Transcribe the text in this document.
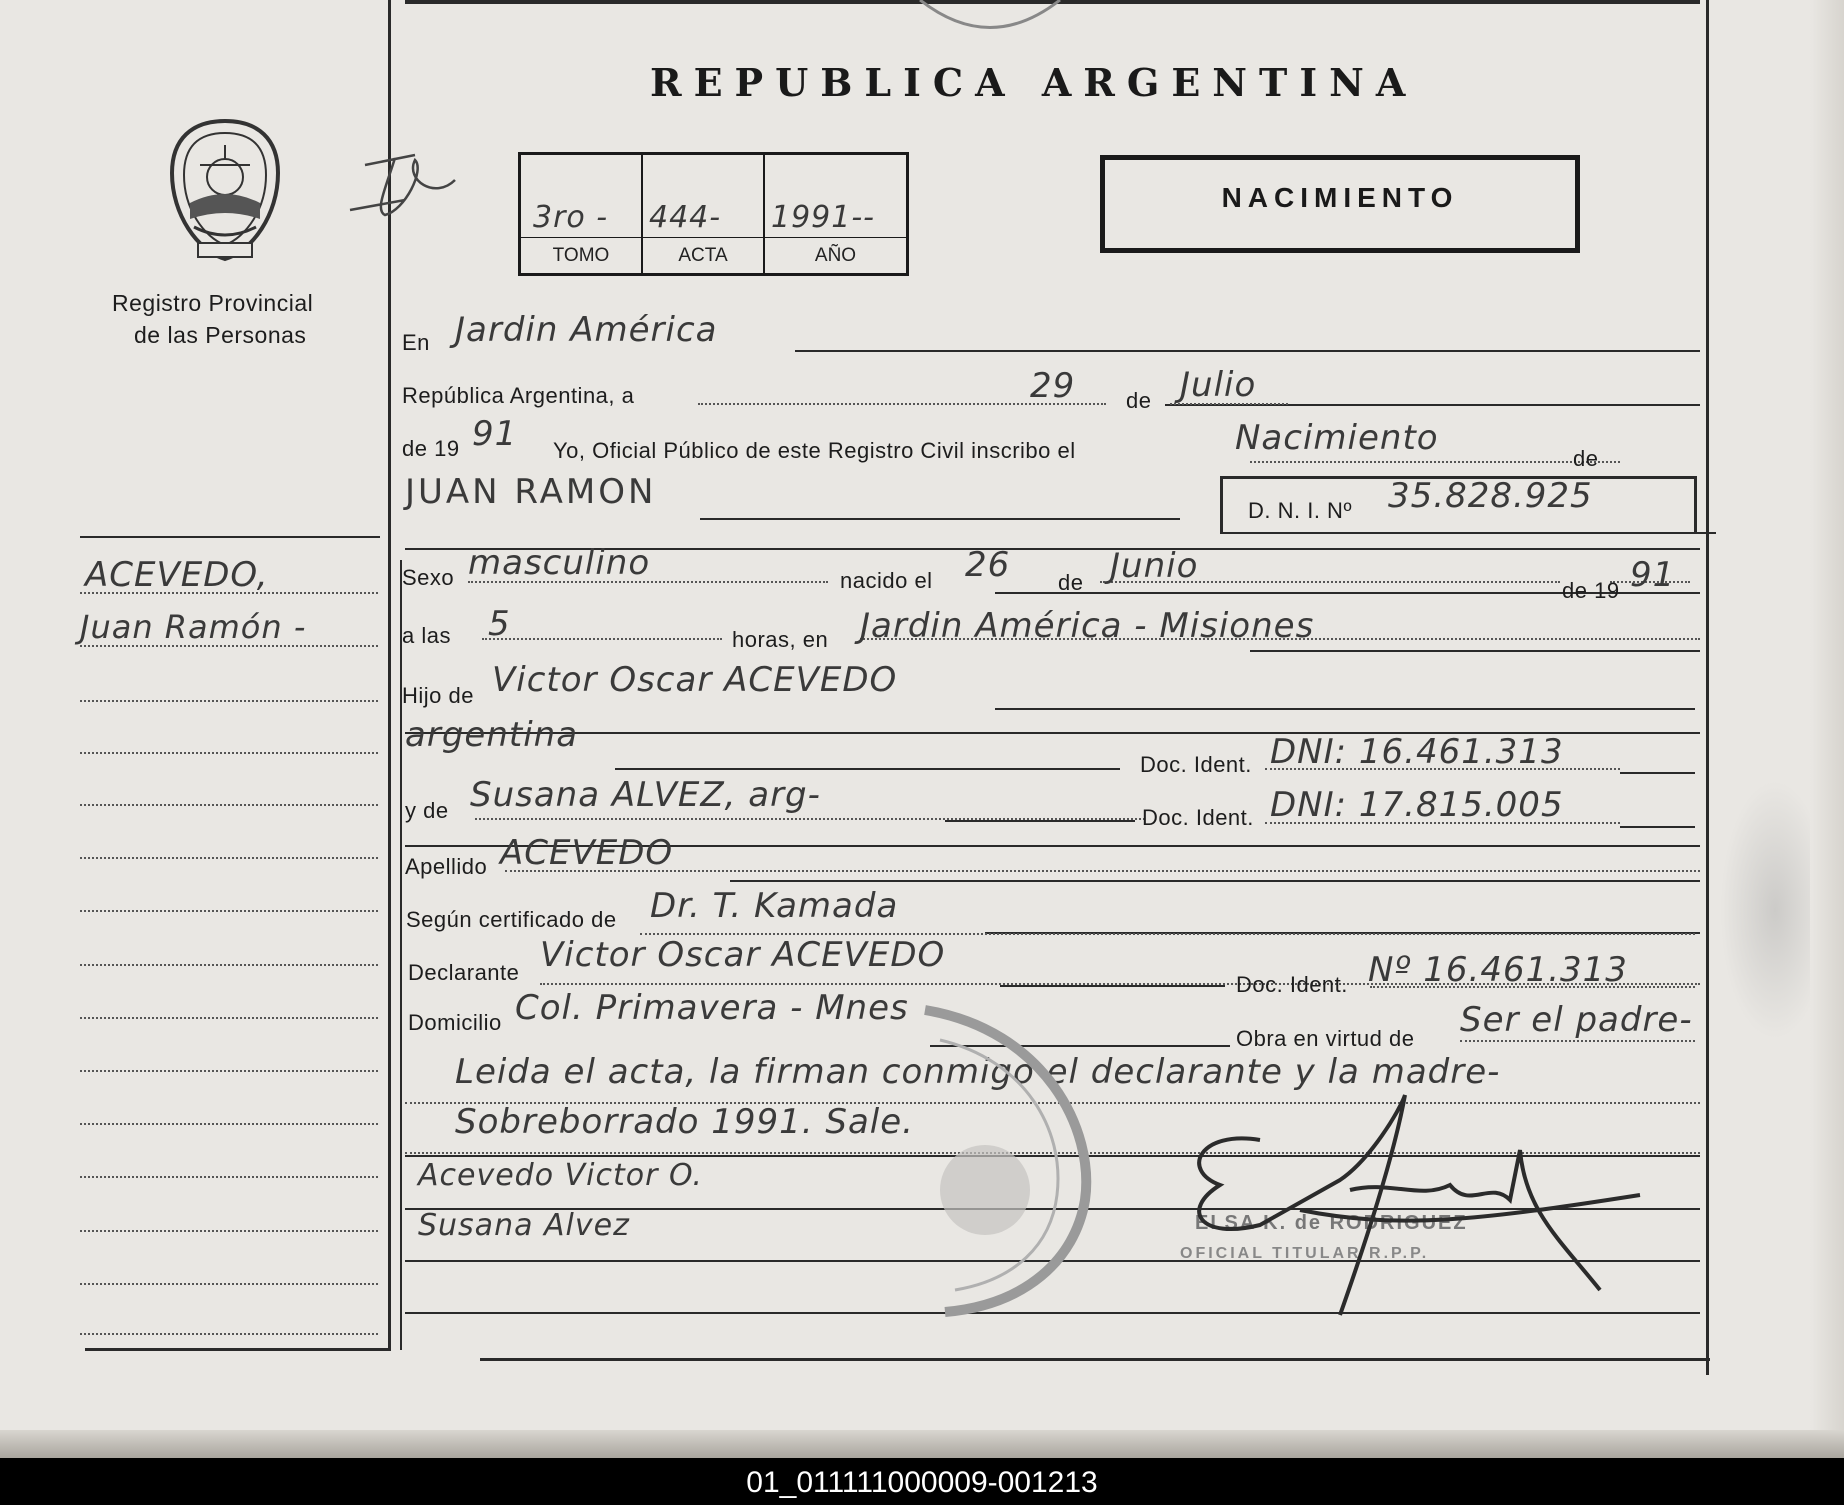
Registro Provincial
de las Personas
ACEVEDO,
Juan Ramón -
REPUBLICA ARGENTINA
3ro - 444- 1991--
TOMO	ACTA	AÑO
NACIMIENTO
En Jardin América
República Argentina, a	29 de Julio
de 19 91 Yo, Oficial Público de este Registro Civil inscribo el	Nacimiento
de
JUAN RAMON	D. N. I. Nº 35.828.925
Sexo masculino	nacido el 26 de Junio
de 19 91
a las 5	horas, en Jardin América - Misiones
Hijo de Victor Oscar ACEVEDO
argentina
Doc. Ident. DNI: 16.461.313
y de Susana ALVEZ, arg-
Doc. Ident. DNI: 17.815.005
Apellido ACEVEDO
Según certificado de Dr. T. Kamada
Declarante Victor Oscar ACEVEDO
Doc. Ident. Nº 16.461.313
Domicilio Col. Primavera - Mnes
Obra en virtud de Ser el padre-
Leida el acta, la firman conmigo el declarante y la madre-
Sobreborrado 1991. Sale.
Acevedo Victor O.
Susana Alvez	ELSA K. de RODRIGUEZ
OFICIAL TITULAR R.P.P.
01_011111000009-001213
